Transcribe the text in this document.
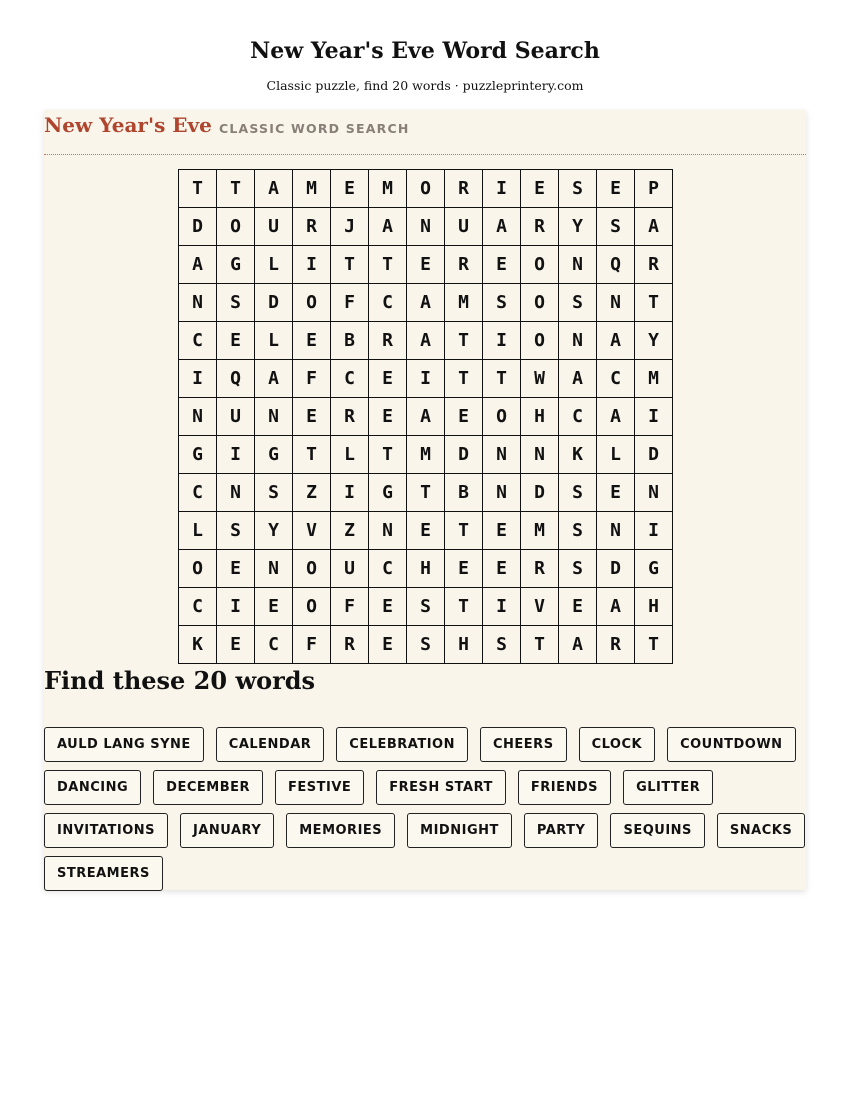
New Year's Eve Word Search
Classic puzzle, find 20 words · puzzleprintery.com
New Year's Eve CLASSIC WORD SEARCH
T	T	A	M	E	M	O	R	I	E	S	E	P
D	O	U	R	J	A	N	U	A	R	Y	S	A
A	G	L	I	T	T	E	R	E	O	N	Q	R
N	S	D	O	F	C	A	M	S	O	S	N	T
C	E	L	E	B	R	A	T	I	O	N	A	Y
I	Q	A	F	C	E	I	T	T	W	A	C	M
N	U	N	E	R	E	A	E	O	H	C	A	I
G	I	G	T	L	T	M	D	N	N	K	L	D
C	N	S	Z	I	G	T	B	N	D	S	E	N
L	S	Y	V	Z	N	E	T	E	M	S	N	I
O	E	N	O	U	C	H	E	E	R	S	D	G
C	I	E	O	F	E	S	T	I	V	E	A	H
K	E	C	F	R	E	S	H	S	T	A	R	T
Find these 20 words
AULD LANG SYNE	CALENDAR	CELEBRATION	CHEERS	CLOCK	COUNTDOWN
DANCING	DECEMBER	FESTIVE	FRESH START	FRIENDS	GLITTER
INVITATIONS	JANUARY	MEMORIES	MIDNIGHT	PARTY	SEQUINS	SNACKS
STREAMERS
